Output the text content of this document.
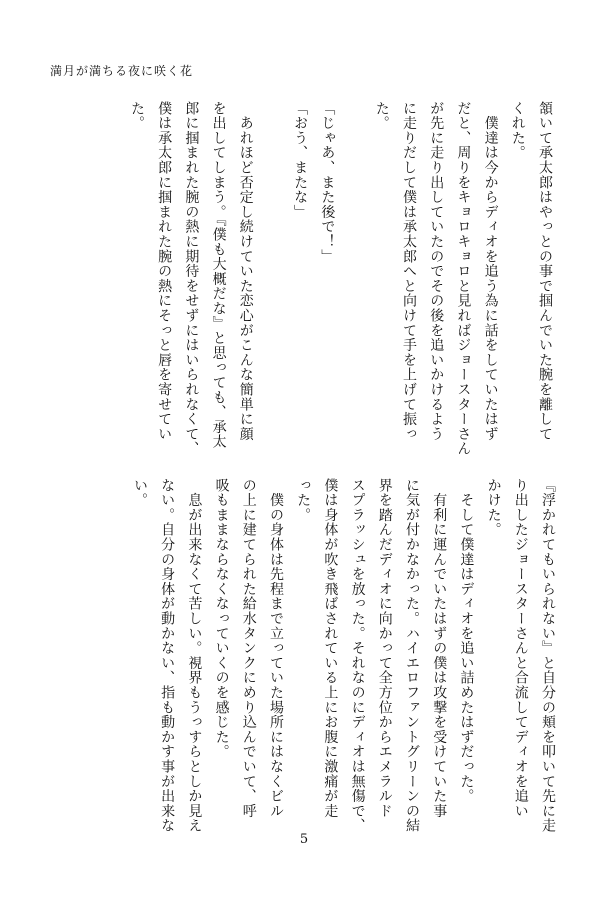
満月が満ちる夜に咲く花
頷いて承太郎はやっとの事で掴んでいた腕を離して
くれた。
　僕達は今からディオを追う為に話をしていたはず
だと、周りをキョロキョロと見ればジョースターさん
が先に走り出していたのでその後を追いかけるよう
に走りだして僕は承太郎へと向けて手を上げて振っ
た。

「じゃあ、また後で！」
「おう、またな」

　あれほど否定し続けていた恋心がこんな簡単に顔
を出してしまう。『僕も大概だな』と思っても、承太
郎に掴まれた腕の熱に期待をせずにはいられなくて、
僕は承太郎に掴まれた腕の熱にそっと唇を寄せてい
た。
『浮かれてもいられない』と自分の頬を叩いて先に走
り出したジョースターさんと合流してディオを追い
かけた。
　そして僕達はディオを追い詰めたはずだった。
　有利に運んでいたはずの僕は攻撃を受けていた事
に気が付かなかった。ハイエロファントグリーンの結
界を踏んだディオに向かって全方位からエメラルド
スプラッシュを放った。それなのにディオは無傷で、
僕は身体が吹き飛ばされている上にお腹に激痛が走
った。
　僕の身体は先程まで立っていた場所にはなくビル
の上に建てられた給水タンクにめり込んでいて、呼
吸もままならなくなっていくのを感じた。
　息が出来なくて苦しい。視界もうっすらとしか見え
ない。自分の身体が動かない、指も動かす事が出来な
い。
5
